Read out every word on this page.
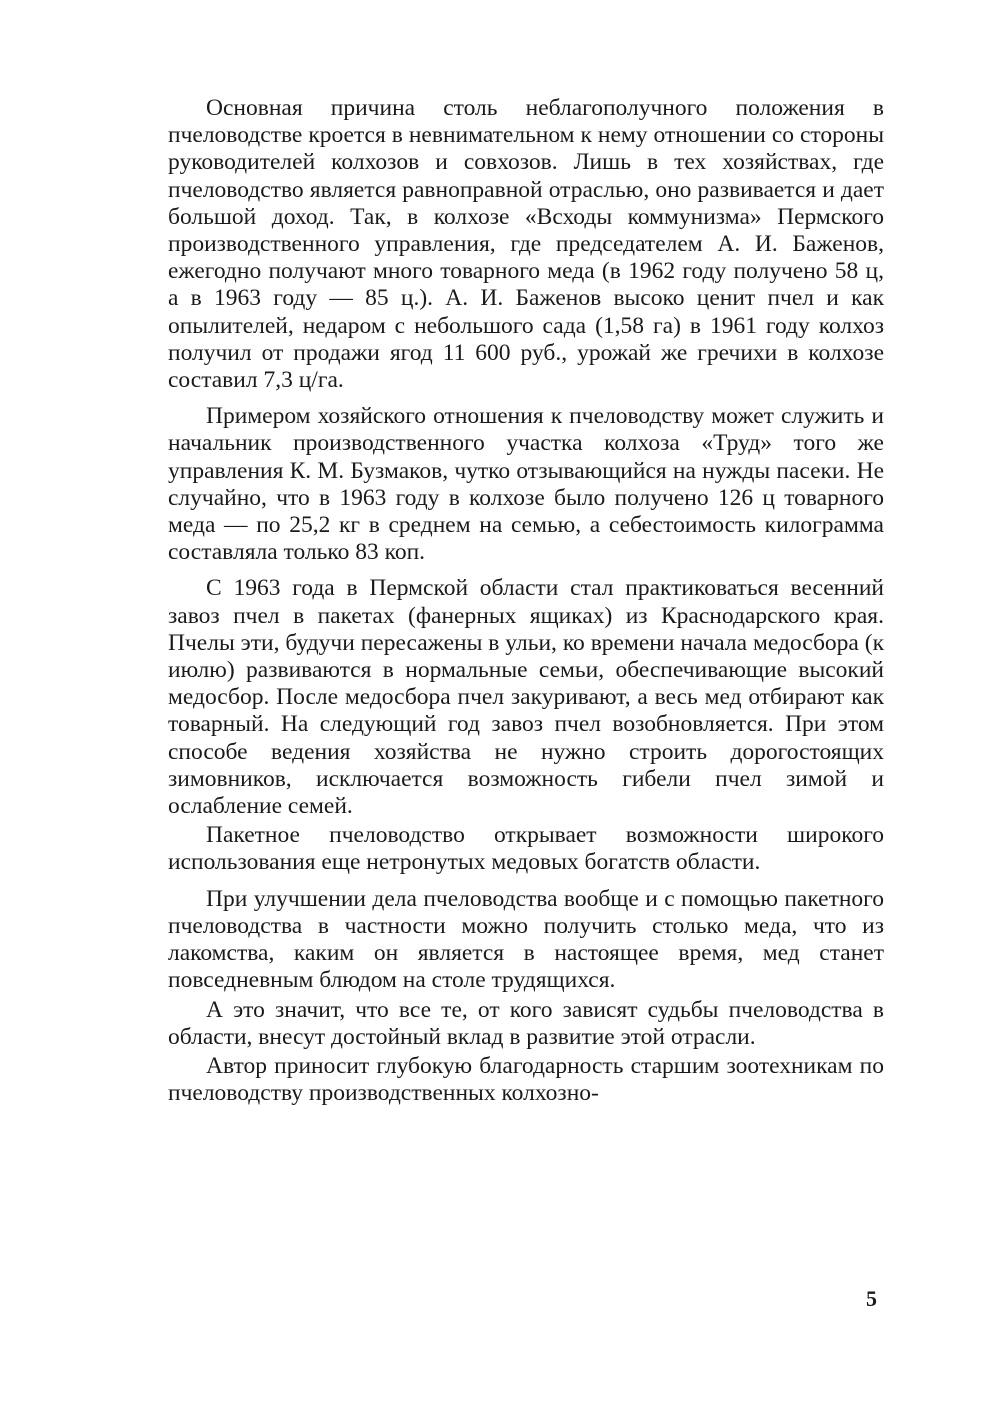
Основная причина столь неблагополучного положения в пчеловодстве кроется в невнимательном к нему отношении со стороны руководителей колхозов и совхозов. Лишь в тех хозяйствах, где пчеловодство является равноправной отраслью, оно развивается и дает большой доход. Так, в колхозе «Всходы коммунизма» Пермского производственного управления, где председателем А. И. Баженов, ежегодно получают много товарного меда (в 1962 году получено 58 ц, а в 1963 году — 85 ц.). А. И. Баженов высоко ценит пчел и как опылителей, недаром с небольшого сада (1,58 га) в 1961 году колхоз получил от продажи ягод 11 600 руб., урожай же гречихи в колхозе составил 7,3 ц/га.

Примером хозяйского отношения к пчеловодству может служить и начальник производственного участка колхоза «Труд» того же управления К. М. Бузмаков, чутко отзывающийся на нужды пасеки. Не случайно, что в 1963 году в колхозе было получено 126 ц товарного меда — по 25,2 кг в среднем на семью, а себестоимость килограмма составляла только 83 коп.

С 1963 года в Пермской области стал практиковаться весенний завоз пчел в пакетах (фанерных ящиках) из Краснодарского края. Пчелы эти, будучи пересажены в ульи, ко времени начала медосбора (к июлю) развиваются в нормальные семьи, обеспечивающие высокий медосбор. После медосбора пчел закуривают, а весь мед отбирают как товарный. На следующий год завоз пчел возобновляется. При этом способе ведения хозяйства не нужно строить дорогостоящих зимовников, исключается возможность гибели пчел зимой и ослабление семей.

Пакетное пчеловодство открывает возможности широкого использования еще нетронутых медовых богатств области.

При улучшении дела пчеловодства вообще и с помощью пакетного пчеловодства в частности можно получить столько меда, что из лакомства, каким он является в настоящее время, мед станет повседневным блюдом на столе трудящихся.

А это значит, что все те, от кого зависят судьбы пчеловодства в области, внесут достойный вклад в развитие этой отрасли.

Автор приносит глубокую благодарность старшим зоотехникам по пчеловодству производственных колхозно-

5
